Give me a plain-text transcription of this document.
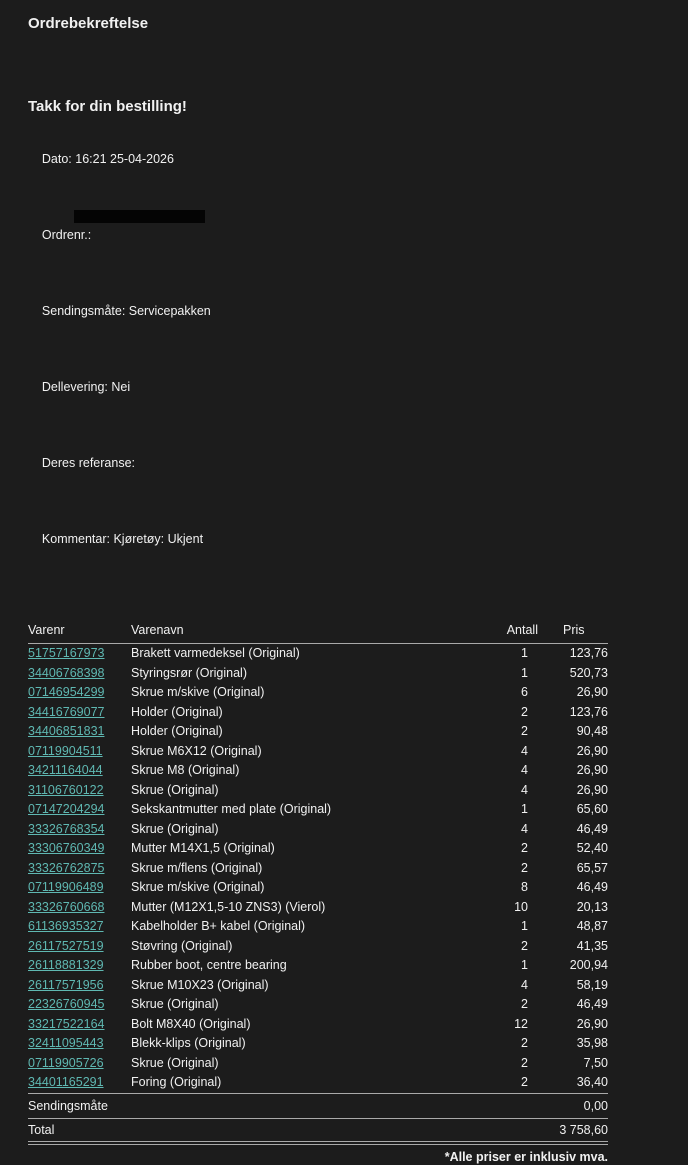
Ordrebekreftelse
Takk for din bestilling!

Dato: 16:21 25-04-2026

Ordrenr.:

Sendingsmåte: Servicepakken

Dellevering: Nei

Deres referanse:

Kommentar: Kjøretøy: Ukjent

Varenr	Varenavn	Antall	Pris
51757167973	Brakett varmedeksel (Original)	1	123,76
34406768398	Styringsrør (Original)	1	520,73
07146954299	Skrue m/skive (Original)	6	26,90
34416769077	Holder (Original)	2	123,76
34406851831	Holder (Original)	2	90,48
07119904511	Skrue M6X12 (Original)	4	26,90
34211164044	Skrue M8 (Original)	4	26,90
31106760122	Skrue (Original)	4	26,90
07147204294	Sekskantmutter med plate (Original)	1	65,60
33326768354	Skrue (Original)	4	46,49
33306760349	Mutter M14X1,5 (Original)	2	52,40
33326762875	Skrue m/flens (Original)	2	65,57
07119906489	Skrue m/skive (Original)	8	46,49
33326760668	Mutter (M12X1,5-10 ZNS3) (Vierol)	10	20,13
61136935327	Kabelholder B+ kabel (Original)	1	48,87
26117527519	Støvring (Original)	2	41,35
26118881329	Rubber boot, centre bearing	1	200,94
26117571956	Skrue M10X23 (Original)	4	58,19
22326760945	Skrue (Original)	2	46,49
33217522164	Bolt M8X40 (Original)	12	26,90
32411095443	Blekk-klips (Original)	2	35,98
07119905726	Skrue (Original)	2	7,50
34401165291	Foring (Original)	2	36,40
Sendingsmåte	0,00
Total	3 758,60
*Alle priser er inklusiv mva.
